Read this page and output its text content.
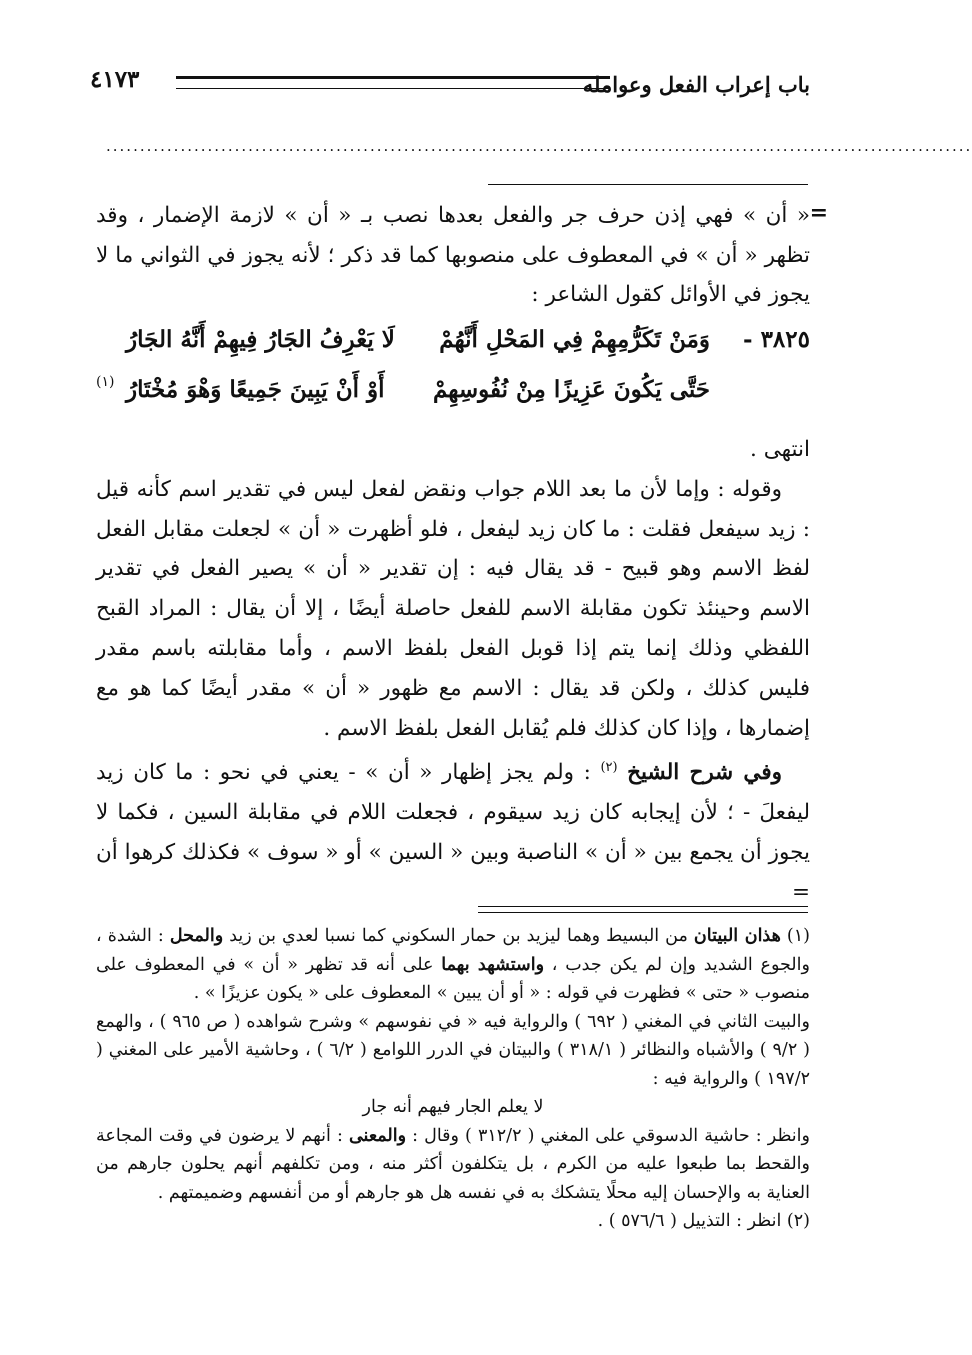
باب إعراب الفعل وعوامله
٤١٧٣
................................................................................................................................
=

« أن » فهي إذن حرف جر والفعل بعدها نصب بـ « أن » لازمة الإضمار ، وقد تظهر « أن » في المعطوف على منصوبها كما قد ذكر ؛ لأنه يجوز في الثواني ما لا يجوز في الأوائل كقول الشاعر :

٣٨٢٥ -
وَمَنْ تَكَرُّمِهِمْ فِي المَحْلِ أَنَّهُمْ
لَا يَعْرِفُ الجَارُ فِيهِمْ أَنَّهُ الجَارُ
حَتَّى يَكُونَ عَزِيزًا مِنْ نُفُوسِهِمْ
أَوْ أَنْ يَبِينَ جَمِيعًا وَهْوَ مُخْتَارُ
(١)

انتهى .

وقوله : وإما لأن ما بعد اللام جواب ونقض لفعل ليس في تقدير اسم كأنه قيل : زيد سيفعل فقلت : ما كان زيد ليفعل ، فلو أظهرت « أن » لجعلت مقابل الفعل لفظ الاسم وهو قبيح - قد يقال فيه : إن تقدير « أن » يصير الفعل في تقدير الاسم وحينئذ تكون مقابلة الاسم للفعل حاصلة أيضًا ، إلا أن يقال : المراد القبح اللفظي وذلك إنما يتم إذا قوبل الفعل بلفظ الاسم ، وأما مقابلته باسم مقدر فليس كذلك ، ولكن قد يقال : الاسم مع ظهور « أن » مقدر أيضًا كما هو مع إضمارها ، وإذا كان كذلك فلم يُقابل الفعل بلفظ الاسم .

وفي شرح الشيخ $^{(٢)}$ : ولم يجز إظهار « أن » - يعني في نحو : ما كان زيد ليفعلَ - ؛ لأن إيجابه كان زيد سيقوم ، فجعلت اللام في مقابلة السين ، فكما لا يجوز أن يجمع بين « أن » الناصبة وبين « السين » أو « سوف » فكذلك كرهوا أن =

(١) هذان البيتان من البسيط وهما ليزيد بن حمار السكوني كما نسبا لعدي بن زيد والمحل : الشدة ، والجوع الشديد وإن لم يكن جدب ، واستشهد بهما على أنه قد تظهر « أن » في المعطوف على منصوب « حتى » فظهرت في قوله : « أو أن يبين » المعطوف على « يكون عزيزًا » .

والبيت الثاني في المغني ( ٦٩٢ ) والرواية فيه « في نفوسهم » وشرح شواهده ( ص ٩٦٥ ) ، والهمع ( ٩/٢ ) والأشباه والنظائر ( ٣١٨/١ ) والبيتان في الدرر اللوامع ( ٦/٢ ) ، وحاشية الأمير على المغني ( ١٩٧/٢ ) والرواية فيه :

لا يعلم الجار فيهم أنه جار

وانظر : حاشية الدسوقي على المغني ( ٣١٢/٢ ) وقال : والمعنى : أنهم لا يرضون في وقت المجاعة والقحط بما طبعوا عليه من الكرم ، بل يتكلفون أكثر منه ، ومن تكلفهم أنهم يحلون جارهم من العناية به والإحسان إليه محلًا يتشكك به في نفسه هل هو جارهم أو من أنفسهم وضميمتهم .

(٢) انظر : التذييل ( ٥٧٦/٦ ) .
